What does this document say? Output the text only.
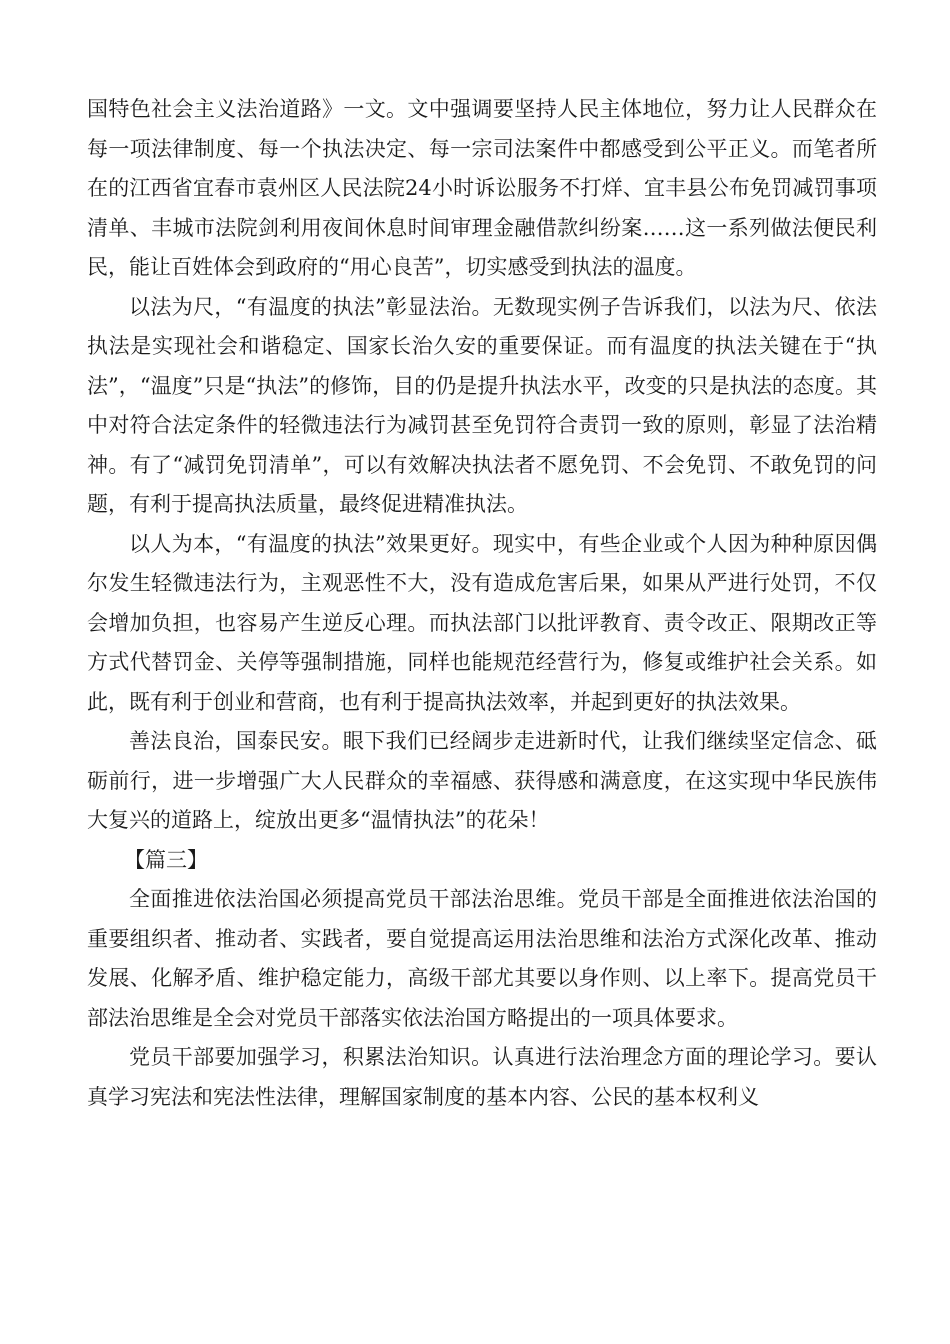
国特色社会主义法治道路》一文。文中强调要坚持人民主体地位，努力让人民群众在每一项法律制度、每一个执法决定、每一宗司法案件中都感受到公平正义。而笔者所在的江西省宜春市袁州区人民法院24小时诉讼服务不打烊、宜丰县公布免罚减罚事项清单、丰城市法院剑利用夜间休息时间审理金融借款纠纷案……这一系列做法便民利民，能让百姓体会到政府的“用心良苦”，切实感受到执法的温度。

以法为尺，“有温度的执法”彰显法治。无数现实例子告诉我们，以法为尺、依法执法是实现社会和谐稳定、国家长治久安的重要保证。而有温度的执法关键在于“执法”，“温度”只是“执法”的修饰，目的仍是提升执法水平，改变的只是执法的态度。其中对符合法定条件的轻微违法行为减罚甚至免罚符合责罚一致的原则，彰显了法治精神。有了“减罚免罚清单”，可以有效解决执法者不愿免罚、不会免罚、不敢免罚的问题，有利于提高执法质量，最终促进精准执法。

以人为本，“有温度的执法”效果更好。现实中，有些企业或个人因为种种原因偶尔发生轻微违法行为，主观恶性不大，没有造成危害后果，如果从严进行处罚，不仅会增加负担，也容易产生逆反心理。而执法部门以批评教育、责令改正、限期改正等方式代替罚金、关停等强制措施，同样也能规范经营行为，修复或维护社会关系。如此，既有利于创业和营商，也有利于提高执法效率，并起到更好的执法效果。

善法良治，国泰民安。眼下我们已经阔步走进新时代，让我们继续坚定信念、砥砺前行，进一步增强广大人民群众的幸福感、获得感和满意度，在这实现中华民族伟大复兴的道路上，绽放出更多“温情执法”的花朵！

【篇三】

全面推进依法治国必须提高党员干部法治思维。党员干部是全面推进依法治国的重要组织者、推动者、实践者，要自觉提高运用法治思维和法治方式深化改革、推动发展、化解矛盾、维护稳定能力，高级干部尤其要以身作则、以上率下。提高党员干部法治思维是全会对党员干部落实依法治国方略提出的一项具体要求。

党员干部要加强学习，积累法治知识。认真进行法治理念方面的理论学习。要认真学习宪法和宪法性法律，理解国家制度的基本内容、公民的基本权利义
